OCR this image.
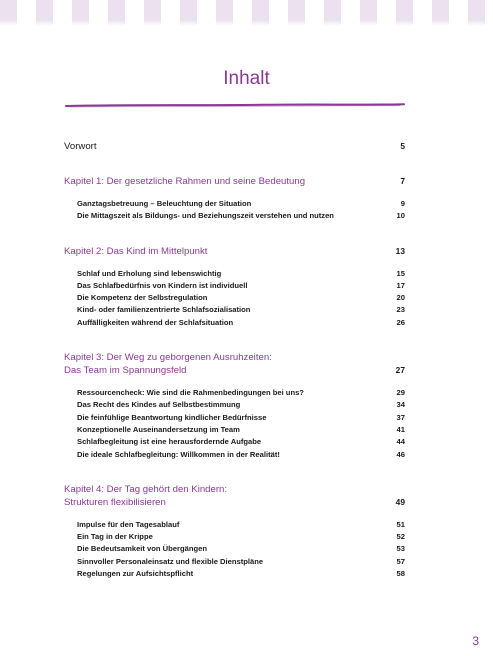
Inhalt
Vorwort	5
Kapitel 1: Der gesetzliche Rahmen und seine Bedeutung	7
Ganztagsbetreuung – Beleuchtung der Situation	9
Die Mittagszeit als Bildungs- und Beziehungszeit verstehen und nutzen	10
Kapitel 2: Das Kind im Mittelpunkt	13
Schlaf und Erholung sind lebenswichtig	15
Das Schlafbedürfnis von Kindern ist individuell	17
Die Kompetenz der Selbstregulation	20
Kind- oder familienzentrierte Schlafsozialisation	23
Auffälligkeiten während der Schlafsituation	26
Kapitel 3: Der Weg zu geborgenen Ausruhzeiten:
Das Team im Spannungsfeld	27
Ressourcencheck: Wie sind die Rahmenbedingungen bei uns?	29
Das Recht des Kindes auf Selbstbestimmung	34
Die feinfühlige Beantwortung kindlicher Bedürfnisse	37
Konzeptionelle Auseinandersetzung im Team	41
Schlafbegleitung ist eine herausfordernde Aufgabe	44
Die ideale Schlafbegleitung: Willkommen in der Realität!	46
Kapitel 4: Der Tag gehört den Kindern:
Strukturen flexibilisieren	49
Impulse für den Tagesablauf	51
Ein Tag in der Krippe	52
Die Bedeutsamkeit von Übergängen	53
Sinnvoller Personaleinsatz und flexible Dienstpläne	57
Regelungen zur Aufsichtspflicht	58
3
